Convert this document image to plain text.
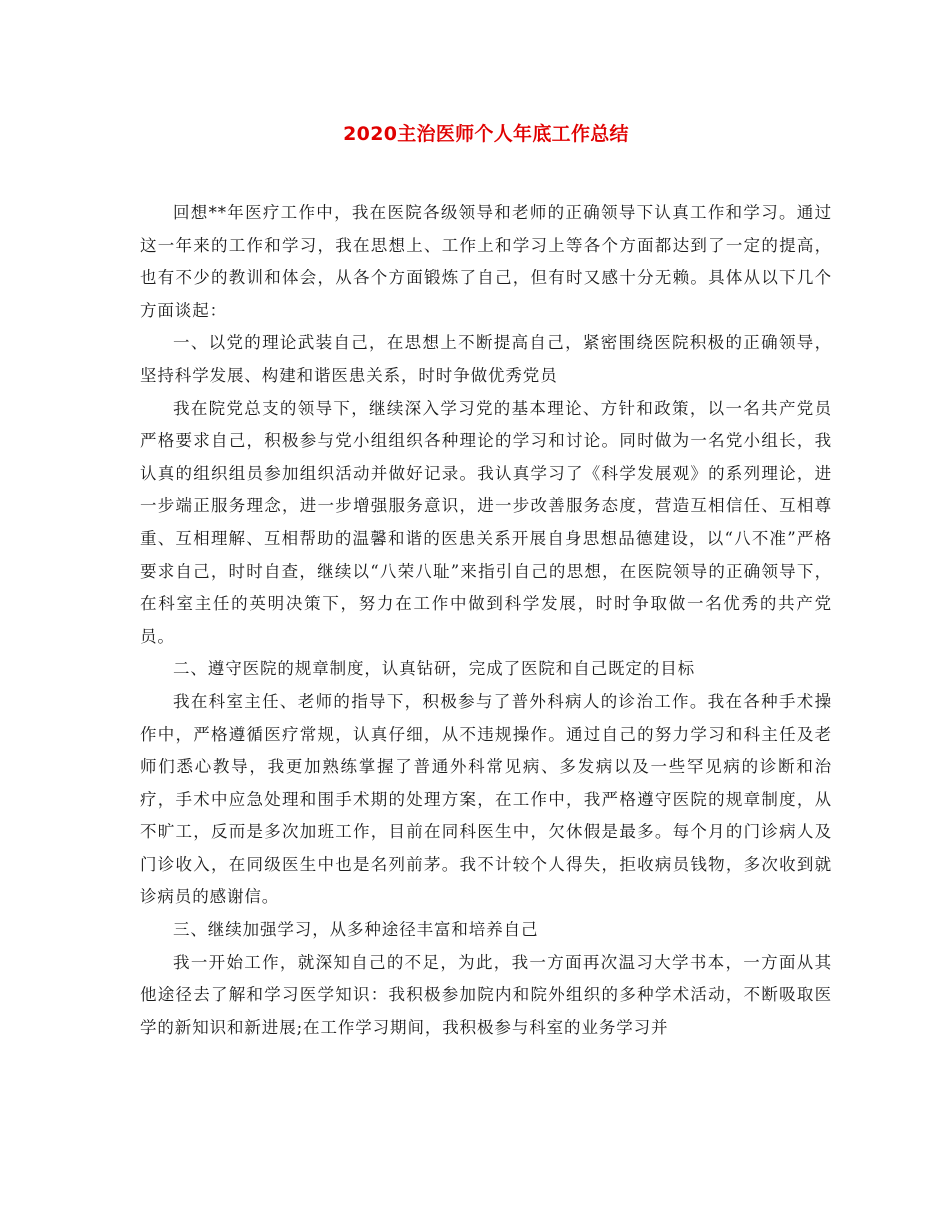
2020主治医师个人年底工作总结

回想**年医疗工作中，我在医院各级领导和老师的正确领导下认真工作和学习。通过这一年来的工作和学习，我在思想上、工作上和学习上等各个方面都达到了一定的提高，也有不少的教训和体会，从各个方面锻炼了自己，但有时又感十分无赖。具体从以下几个方面谈起：

一、以党的理论武装自己，在思想上不断提高自己，紧密围绕医院积极的正确领导，坚持科学发展、构建和谐医患关系，时时争做优秀党员

我在院党总支的领导下，继续深入学习党的基本理论、方针和政策，以一名共产党员严格要求自己，积极参与党小组组织各种理论的学习和讨论。同时做为一名党小组长，我认真的组织组员参加组织活动并做好记录。我认真学习了《科学发展观》的系列理论，进一步端正服务理念，进一步增强服务意识，进一步改善服务态度，营造互相信任、互相尊重、互相理解、互相帮助的温馨和谐的医患关系开展自身思想品德建设，以“八不准”严格要求自己，时时自查，继续以“八荣八耻”来指引自己的思想，在医院领导的正确领导下，在科室主任的英明决策下，努力在工作中做到科学发展，时时争取做一名优秀的共产党员。

二、遵守医院的规章制度，认真钻研，完成了医院和自己既定的目标

我在科室主任、老师的指导下，积极参与了普外科病人的诊治工作。我在各种手术操作中，严格遵循医疗常规，认真仔细，从不违规操作。通过自己的努力学习和科主任及老师们悉心教导，我更加熟练掌握了普通外科常见病、多发病以及一些罕见病的诊断和治疗，手术中应急处理和围手术期的处理方案，在工作中，我严格遵守医院的规章制度，从不旷工，反而是多次加班工作，目前在同科医生中，欠休假是最多。每个月的门诊病人及门诊收入，在同级医生中也是名列前茅。我不计较个人得失，拒收病员钱物，多次收到就诊病员的感谢信。

三、继续加强学习，从多种途径丰富和培养自己

我一开始工作，就深知自己的不足，为此，我一方面再次温习大学书本，一方面从其他途径去了解和学习医学知识：我积极参加院内和院外组织的多种学术活动，不断吸取医学的新知识和新进展;在工作学习期间，我积极参与科室的业务学习并
